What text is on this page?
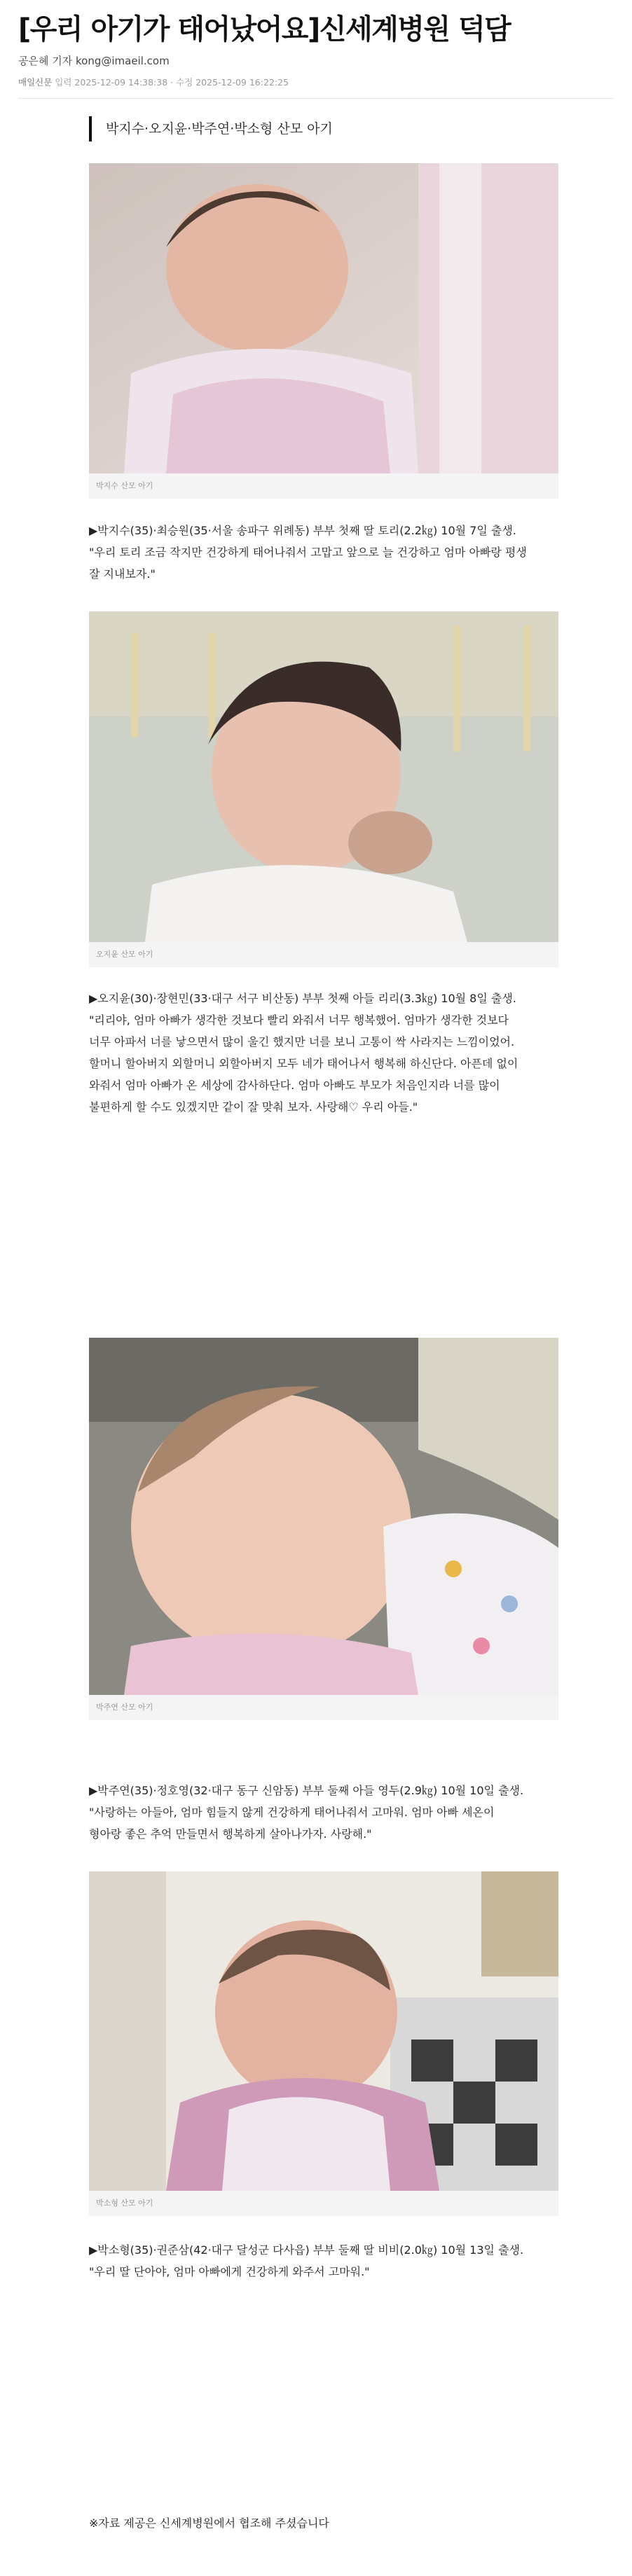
[우리 아기가 태어났어요]신세계병원 덕담
공은혜 기자 kong@imaeil.com
매일신문 입력 2025-12-09 14:38:38 · 수정 2025-12-09 16:22:25
박지수·오지윤·박주연·박소형 산모 아기
박지수 산모 아기

▶박지수(35)·최승원(35·서울 송파구 위례동) 부부 첫째 딸 토리(2.2㎏) 10월 7일 출생.
"우리 토리 조금 작지만 건강하게 태어나줘서 고맙고 앞으로 늘 건강하고 엄마 아빠랑 평생
잘 지내보자."

오지윤 산모 아기

▶오지윤(30)·장현민(33·대구 서구 비산동) 부부 첫째 아들 리리(3.3㎏) 10월 8일 출생.
"리리야, 엄마 아빠가 생각한 것보다 빨리 와줘서 너무 행복했어. 엄마가 생각한 것보다
너무 아파서 너를 낳으면서 많이 울긴 했지만 너를 보니 고통이 싹 사라지는 느낌이었어.
할머니 할아버지 외할머니 외할아버지 모두 네가 태어나서 행복해 하신단다. 아픈데 없이
와줘서 엄마 아빠가 온 세상에 감사하단다. 엄마 아빠도 부모가 처음인지라 너를 많이
불편하게 할 수도 있겠지만 같이 잘 맞춰 보자. 사랑해♡ 우리 아들."

박주연 산모 아기

▶박주연(35)·정호영(32·대구 동구 신암동) 부부 둘째 아들 영두(2.9㎏) 10월 10일 출생.
"사랑하는 아들아, 엄마 힘들지 않게 건강하게 태어나줘서 고마워. 엄마 아빠 세온이
형아랑 좋은 추억 만들면서 행복하게 살아나가자. 사랑해."

박소형 산모 아기

▶박소형(35)·권준삼(42·대구 달성군 다사읍) 부부 둘째 딸 비비(2.0㎏) 10월 13일 출생.
"우리 딸 단아야, 엄마 아빠에게 건강하게 와주서 고마워."

※자료 제공은 신세계병원에서 협조해 주셨습니다
